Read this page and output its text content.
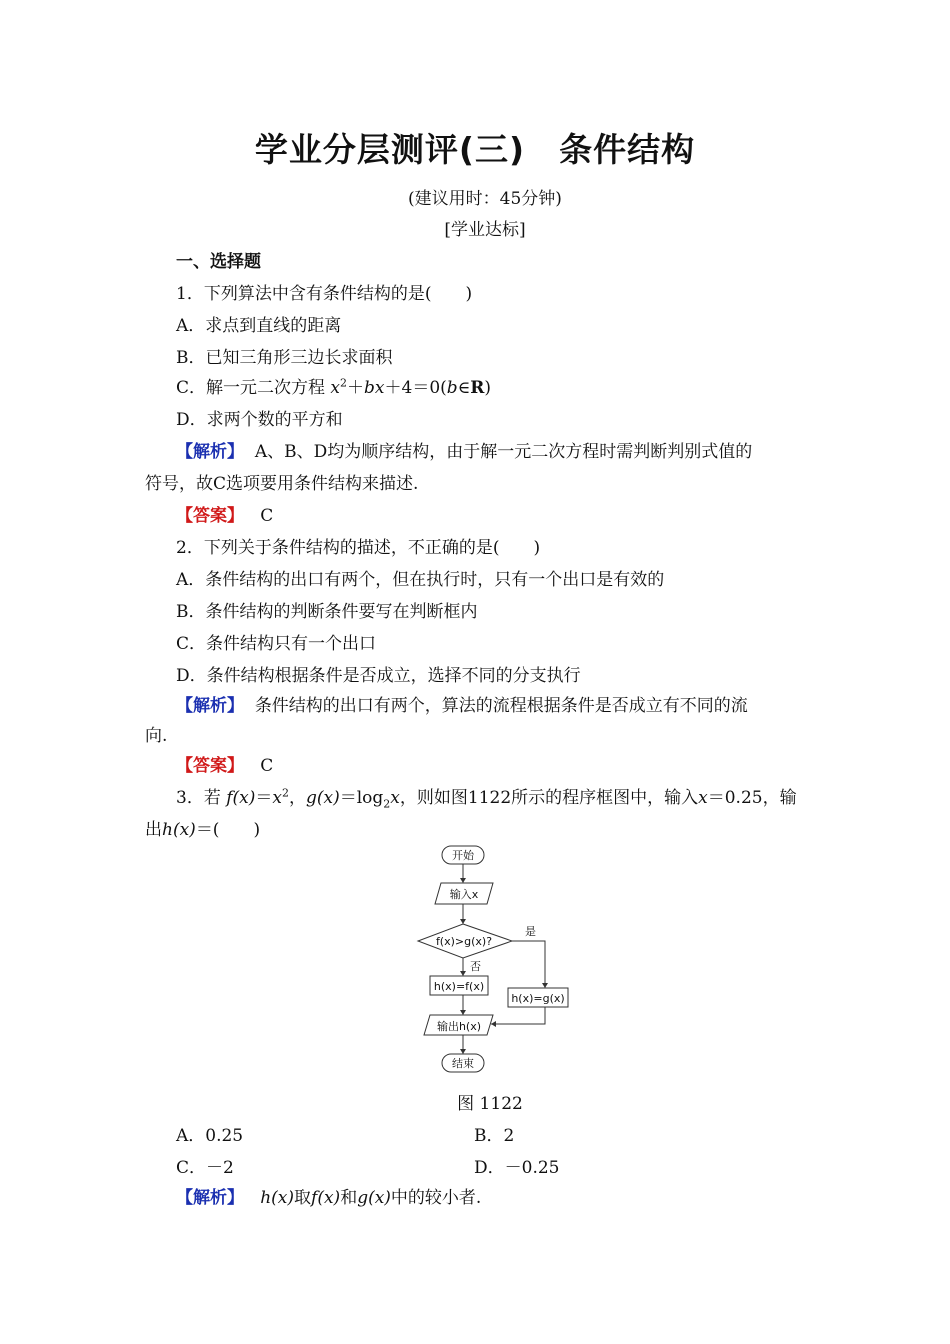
学业分层测评(三)　条件结构
(建议用时：45分钟)
[学业达标]
一、选择题
1．下列算法中含有条件结构的是(　　)
A．求点到直线的距离
B．已知三角形三边长求面积
C．解一元二次方程 $x^2+bx+4=0(b\in R)$
D．求两个数的平方和
【解析】 A、B、D均为顺序结构，由于解一元二次方程时需判断判别式值的
符号，故C选项要用条件结构来描述.
【答案】 C
2．下列关于条件结构的描述，不正确的是(　　)
A．条件结构的出口有两个，但在执行时，只有一个出口是有效的
B．条件结构的判断条件要写在判断框内
C．条件结构只有一个出口
D．条件结构根据条件是否成立，选择不同的分支执行
【解析】 条件结构的出口有两个，算法的流程根据条件是否成立有不同的流
向.
【答案】 C
3．若 $f(x)=x^2$，$g(x)=\log_2x$，则如图1122所示的程序框图中，输入x＝0.25，输
出h(x)＝(　　)
开始
输入x
f(x)>g(x)?
是
否
h(x)=f(x)
h(x)=g(x)
输出h(x)
结束
图 1122
A．0.25	B．2
C．－2	D．－0.25
【解析】 h(x)取f(x)和g(x)中的较小者.
